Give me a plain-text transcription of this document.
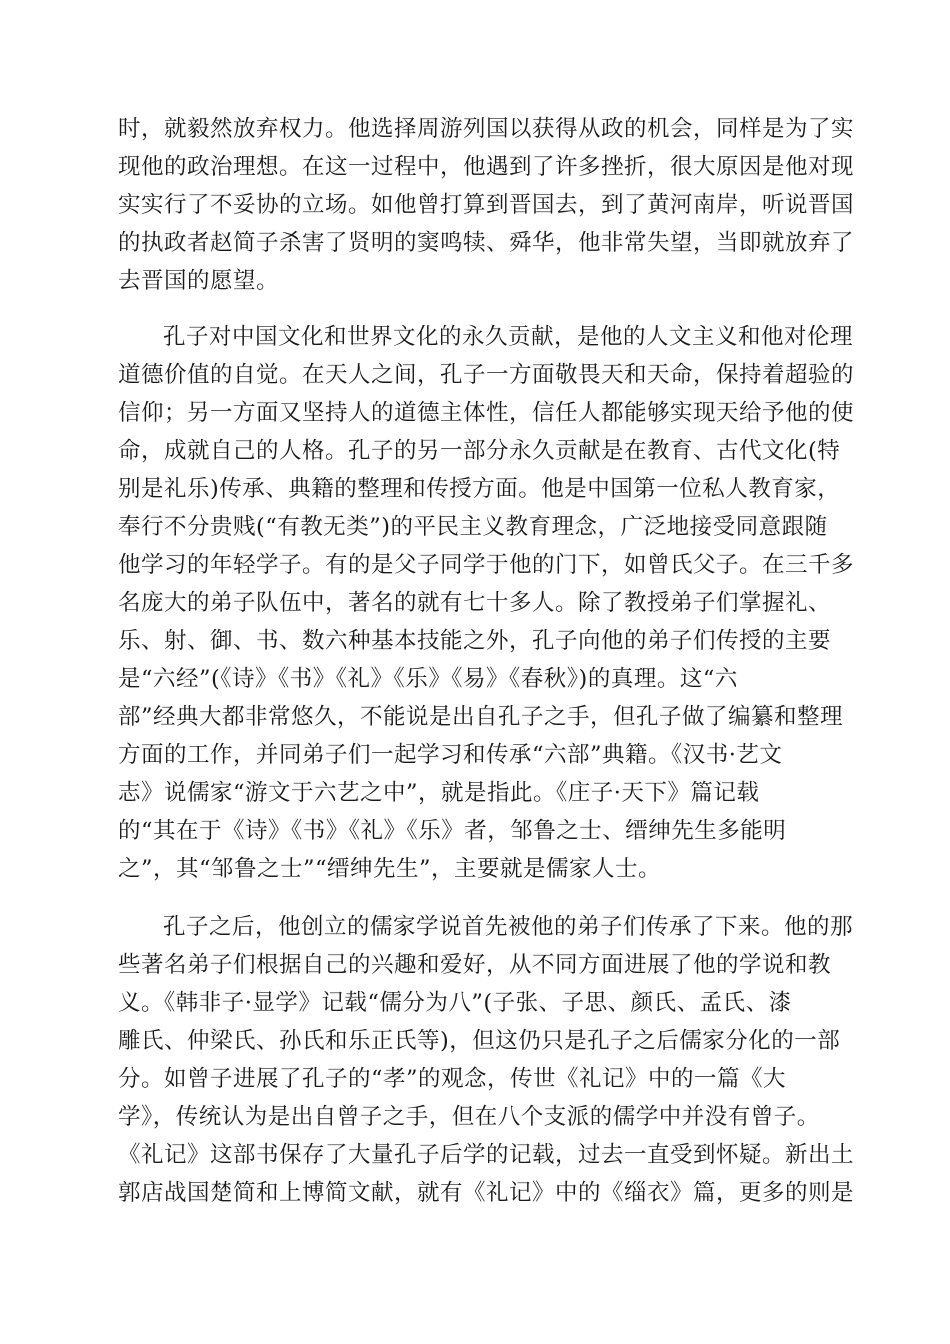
时，就毅然放弃权力。他选择周游列国以获得从政的机会，同样是为了实
现他的政治理想。在这一过程中，他遇到了许多挫折，很大原因是他对现
实实行了不妥协的立场。如他曾打算到晋国去，到了黄河南岸，听说晋国
的执政者赵简子杀害了贤明的窦鸣犊、舜华，他非常失望，当即就放弃了
去晋国的愿望。
孔子对中国文化和世界文化的永久贡献，是他的人文主义和他对伦理
道德价值的自觉。在天人之间，孔子一方面敬畏天和天命，保持着超验的
信仰；另一方面又坚持人的道德主体性，信任人都能够实现天给予他的使
命，成就自己的人格。孔子的另一部分永久贡献是在教育、古代文化(特
别是礼乐)传承、典籍的整理和传授方面。他是中国第一位私人教育家，
奉行不分贵贱(“有教无类”)的平民主义教育理念，广泛地接受同意跟随
他学习的年轻学子。有的是父子同学于他的门下，如曾氏父子。在三千多
名庞大的弟子队伍中，著名的就有七十多人。除了教授弟子们掌握礼、
乐、射、御、书、数六种基本技能之外，孔子向他的弟子们传授的主要
是“六经”(《诗》《书》《礼》《乐》《易》《春秋》)的真理。这“六
部”经典大都非常悠久，不能说是出自孔子之手，但孔子做了编纂和整理
方面的工作，并同弟子们一起学习和传承“六部”典籍。《汉书·艺文
志》说儒家“游文于六艺之中”，就是指此。《庄子·天下》篇记载
的“其在于《诗》《书》《礼》《乐》者，邹鲁之士、缙绅先生多能明
之”，其“邹鲁之士”“缙绅先生”，主要就是儒家人士。
孔子之后，他创立的儒家学说首先被他的弟子们传承了下来。他的那
些著名弟子们根据自己的兴趣和爱好，从不同方面进展了他的学说和教
义。《韩非子·显学》记载“儒分为八”(子张、子思、颜氏、孟氏、漆
雕氏、仲梁氏、孙氏和乐正氏等)，但这仍只是孔子之后儒家分化的一部
分。如曾子进展了孔子的“孝”的观念，传世《礼记》中的一篇《大
学》，传统认为是出自曾子之手，但在八个支派的儒学中并没有曾子。
《礼记》这部书保存了大量孔子后学的记载，过去一直受到怀疑。新出土
郭店战国楚简和上博简文献，就有《礼记》中的《缁衣》篇，更多的则是
